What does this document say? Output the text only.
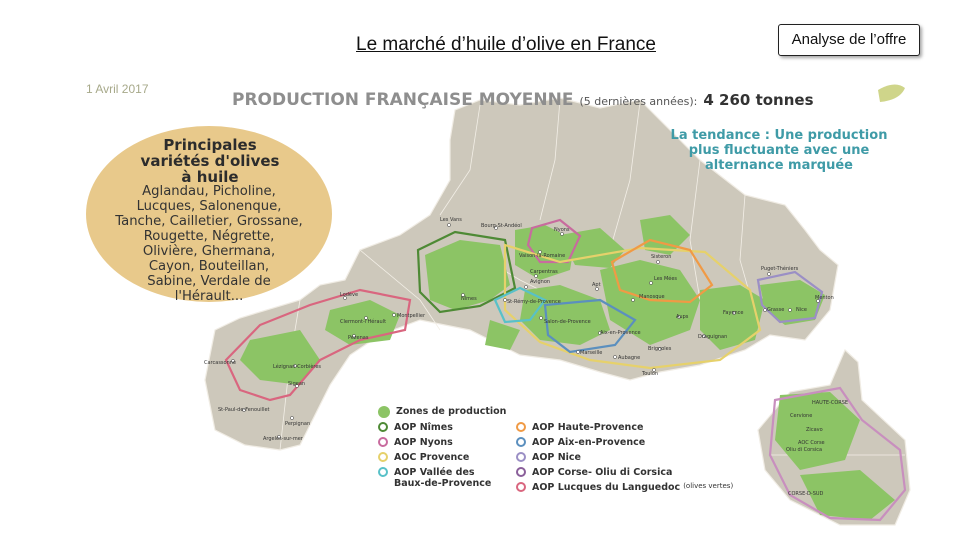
Le marché d’huile d’olive en France	Analyse de l’offre
1 Avril 2017
Les Vans
Bourg-St-Andéol
Nyons
Vaison-la-Romaine	Sisteron
Carpentras
Avignon	Apt
Les Mées
Manosque
Puget-Théniers
Menton
Nice
Lodève
Nîmes	St-Rémy-de-Provence
Clermont-l'Hérault
Montpellier
Salon-de-Provence
Aix-en-Provence
Aups
Fayence	Grasse
Draguignan
Pézenas
Brignoles
Marseille
Aubagne
Toulon
Carcassonne
Lézignan-Corbières
Sigean
St-Paul-de-Fenouillet
Perpignan
Argelès-sur-mer
HAUTE-CORSE
Cervione
Zicavo
AOC Corse
Oliu di Corsica
CORSE-D-SUD
PRODUCTION FRANÇAISE MOYENNE (5 dernières années): 4 260 tonnes
La tendance : Une production
plus fluctuante avec une
alternance marquée
Principales
variétés d'olives
à huile
Aglandau, Picholine,
Lucques, Salonenque,
Tanche, Cailletier, Grossane,
Rougette, Négrette,
Olivière, Ghermana,
Cayon, Bouteillan,
Sabine, Verdale de
l'Hérault...
Zones de production
AOP Nîmes
AOP Nyons
AOC Provence
AOP Vallée des
Baux-de-Provence
AOP Haute-Provence
AOP Aix-en-Provence
AOP Nice
AOP Corse- Oliu di Corsica
AOP Lucques du Languedoc (olives vertes)
